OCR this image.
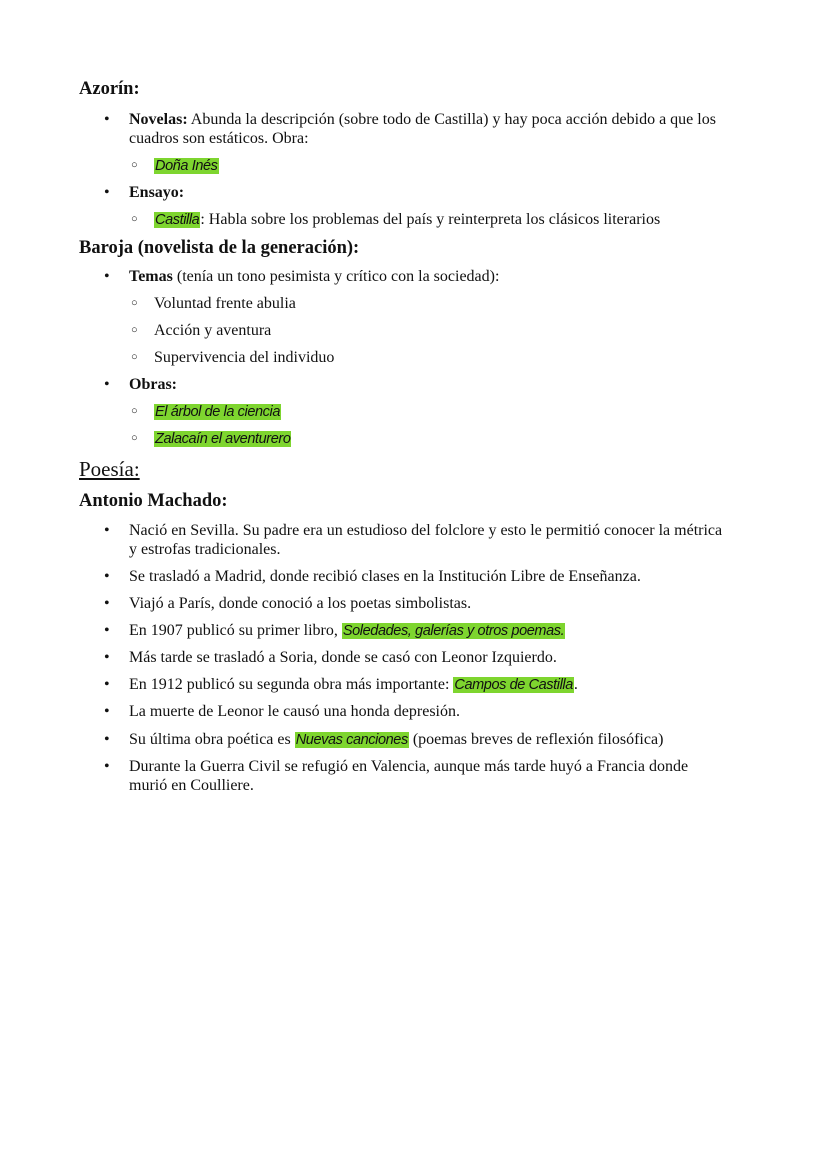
Azorín:
• Novelas: Abunda la descripción (sobre todo de Castilla) y hay poca acción debido a que los
cuadros son estáticos. Obra:
○ Doña Inés
• Ensayo:
○ Castilla: Habla sobre los problemas del país y reinterpreta los clásicos literarios
Baroja (novelista de la generación):
• Temas (tenía un tono pesimista y crítico con la sociedad):
○ Voluntad frente abulia
○ Acción y aventura
○ Supervivencia del individuo
• Obras:
○ El árbol de la ciencia
○ Zalacaín el aventurero
Poesía:
Antonio Machado:
• Nació en Sevilla. Su padre era un estudioso del folclore y esto le permitió conocer la métrica
y estrofas tradicionales.
• Se trasladó a Madrid, donde recibió clases en la Institución Libre de Enseñanza.
• Viajó a París, donde conoció a los poetas simbolistas.
• En 1907 publicó su primer libro, Soledades, galerías y otros poemas.
• Más tarde se trasladó a Soria, donde se casó con Leonor Izquierdo.
• En 1912 publicó su segunda obra más importante: Campos de Castilla.
• La muerte de Leonor le causó una honda depresión.
• Su última obra poética es Nuevas canciones (poemas breves de reflexión filosófica)
• Durante la Guerra Civil se refugió en Valencia, aunque más tarde huyó a Francia donde
murió en Coulliere.
